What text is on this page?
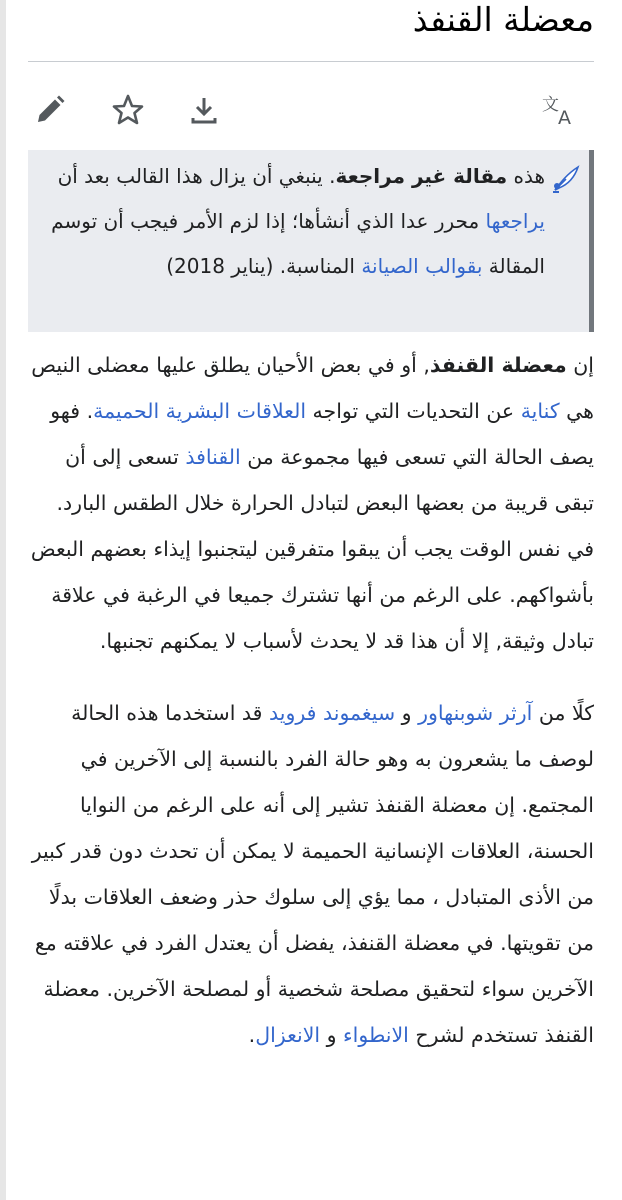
معضلة القنفذ
文
A
هذه مقالة غير مراجعة. ينبغي أن يزال هذا القالب بعد أن يراجعها محرر عدا الذي أنشأها؛ إذا لزم الأمر فيجب أن توسم المقالة بقوالب الصيانة المناسبة. (يناير 2018)

إن معضلة القنفذ, أو في بعض الأحيان يطلق عليها معضلى النيص هي كناية عن التحديات التي تواجه العلاقات البشرية الحميمة. فهو يصف الحالة التي تسعى فيها مجموعة من القنافذ تسعى إلى أن تبقى قريبة من بعضها البعض لتبادل الحرارة خلال الطقس البارد. في نفس الوقت يجب أن يبقوا متفرقين ليتجنبوا إيذاء بعضهم البعض بأشواكهم. على الرغم من أنها تشترك جميعا في الرغبة في علاقة تبادل وثيقة, إلا أن هذا قد لا يحدث لأسباب لا يمكنهم تجنبها.

كلًا من آرثر شوبنهاور و سيغموند فرويد قد استخدما هذه الحالة لوصف ما يشعرون به وهو حالة الفرد بالنسبة إلى الآخرين في المجتمع. إن معضلة القنفذ تشير إلى أنه على الرغم من النوايا الحسنة، العلاقات الإنسانية الحميمة لا يمكن أن تحدث دون قدر كبير من الأذى المتبادل ، مما يؤي إلى سلوك حذر وضعف العلاقات بدلًا من تقويتها. في معضلة القنفذ، يفضل أن يعتدل الفرد في علاقته مع الآخرين سواء لتحقيق مصلحة شخصية أو لمصلحة الآخرين. معضلة القنفذ تستخدم لشرح الانطواء و الانعزال.
